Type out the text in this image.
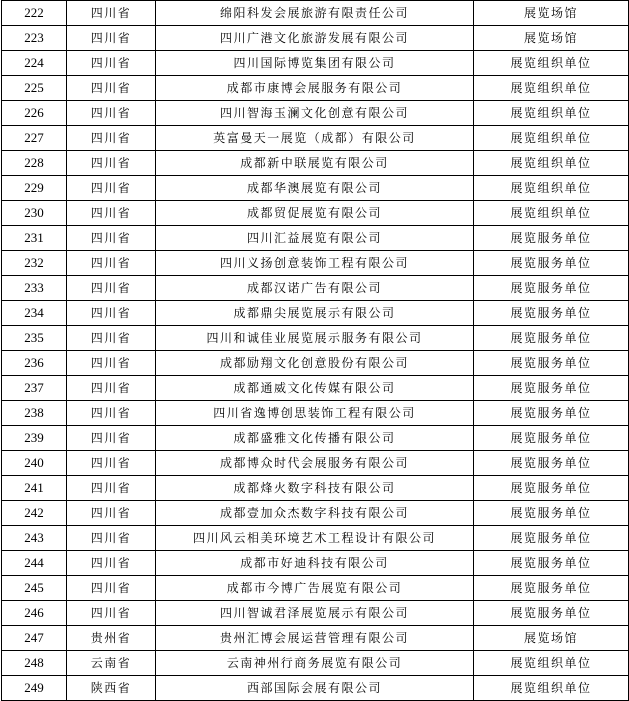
222	四川省	绵阳科发会展旅游有限责任公司	展览场馆
223	四川省	四川广港文化旅游发展有限公司	展览场馆
224	四川省	四川国际博览集团有限公司	展览组织单位
225	四川省	成都市康博会展服务有限公司	展览组织单位
226	四川省	四川智海玉澜文化创意有限公司	展览组织单位
227	四川省	英富曼天一展览（成都）有限公司	展览组织单位
228	四川省	成都新中联展览有限公司	展览组织单位
229	四川省	成都华澳展览有限公司	展览组织单位
230	四川省	成都贸促展览有限公司	展览组织单位
231	四川省	四川汇益展览有限公司	展览服务单位
232	四川省	四川义扬创意装饰工程有限公司	展览服务单位
233	四川省	成都汉诺广告有限公司	展览服务单位
234	四川省	成都鼎尖展览展示有限公司	展览服务单位
235	四川省	四川和诚佳业展览展示服务有限公司	展览服务单位
236	四川省	成都励翔文化创意股份有限公司	展览服务单位
237	四川省	成都通威文化传媒有限公司	展览服务单位
238	四川省	四川省逸博创思装饰工程有限公司	展览服务单位
239	四川省	成都盛雅文化传播有限公司	展览服务单位
240	四川省	成都博众时代会展服务有限公司	展览服务单位
241	四川省	成都烽火数字科技有限公司	展览服务单位
242	四川省	成都壹加众杰数字科技有限公司	展览服务单位
243	四川省	四川风云相美环境艺术工程设计有限公司	展览服务单位
244	四川省	成都市好迪科技有限公司	展览服务单位
245	四川省	成都市今博广告展览有限公司	展览服务单位
246	四川省	四川智诚君泽展览展示有限公司	展览服务单位
247	贵州省	贵州汇博会展运营管理有限公司	展览场馆
248	云南省	云南神州行商务展览有限公司	展览组织单位
249	陕西省	西部国际会展有限公司	展览组织单位
